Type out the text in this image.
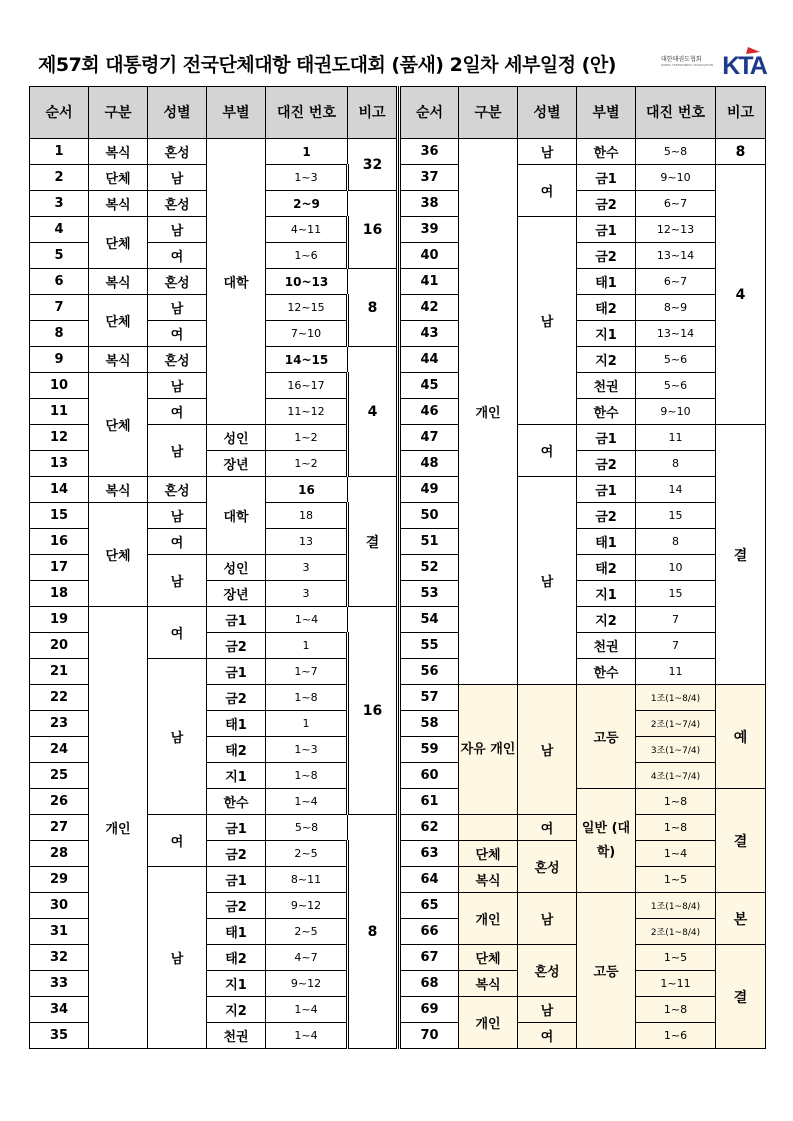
제57회 대통령기 전국단체대항 태권도대회 (품새) 2일차 세부일정 (안)	대한태권도협회
KOREA TAEKWONDO ASSOCIATION KTA
순서	구분	성별	부별	대진 번호	비고
1	복식	혼성	대학	1	32
2	단체	남		1~3	
3	복식	혼성		2~9	16
4	단체	남		4~11	
5		여		1~6	
6	복식	혼성		10~13	8
7	단체	남		12~15	
8		여		7~10	
9	복식	혼성		14~15	4
10	단체	남		16~17	
11		여		11~12	
12		남	성인	1~2	
13			장년	1~2	
14	복식	혼성	대학	16	결
15	단체	남		18	
16		여		13	
17		남	성인	3	
18			장년	3	
19	개인	여	금1	1~4	16
20			금2	1	
21		남	금1	1~7	
22			금2	1~8	
23			태1	1	
24			태2	1~3	
25			지1	1~8	
26			한수	1~4	
27		여	금1	5~8	8
28			금2	2~5	
29		남	금1	8~11	
30			금2	9~12	
31			태1	2~5	
32			태2	4~7	
33			지1	9~12	
34			지2	1~4	
35			천권	1~4	
순서	구분	성별	부별	대진 번호	비고
36	개인	남	한수	5~8	8
37		여	금1	9~10	4
38			금2	6~7	
39		남	금1	12~13	
40			금2	13~14	
41			태1	6~7	
42			태2	8~9	
43			지1	13~14	
44			지2	5~6	
45			천권	5~6	
46			한수	9~10	
47		여	금1	11	결
48			금2	8	
49		남	금1	14	
50			금2	15	
51			태1	8	
52			태2	10	
53			지1	15	
54			지2	7	
55			천권	7	
56			한수	11	
57	자유 개인	남	고등	1조(1~8/4)	예
58				2조(1~7/4)	
59				3조(1~7/4)	
60				4조(1~7/4)	
61			일반 (대학)	1~8	결
62		여		1~8	
63	단체	혼성		1~4	
64	복식			1~5	
65	개인	남	고등	1조(1~8/4)	본
66				2조(1~8/4)	
67	단체	혼성		1~5	결
68	복식			1~11	
69	개인	남		1~8	
70		여		1~6	
